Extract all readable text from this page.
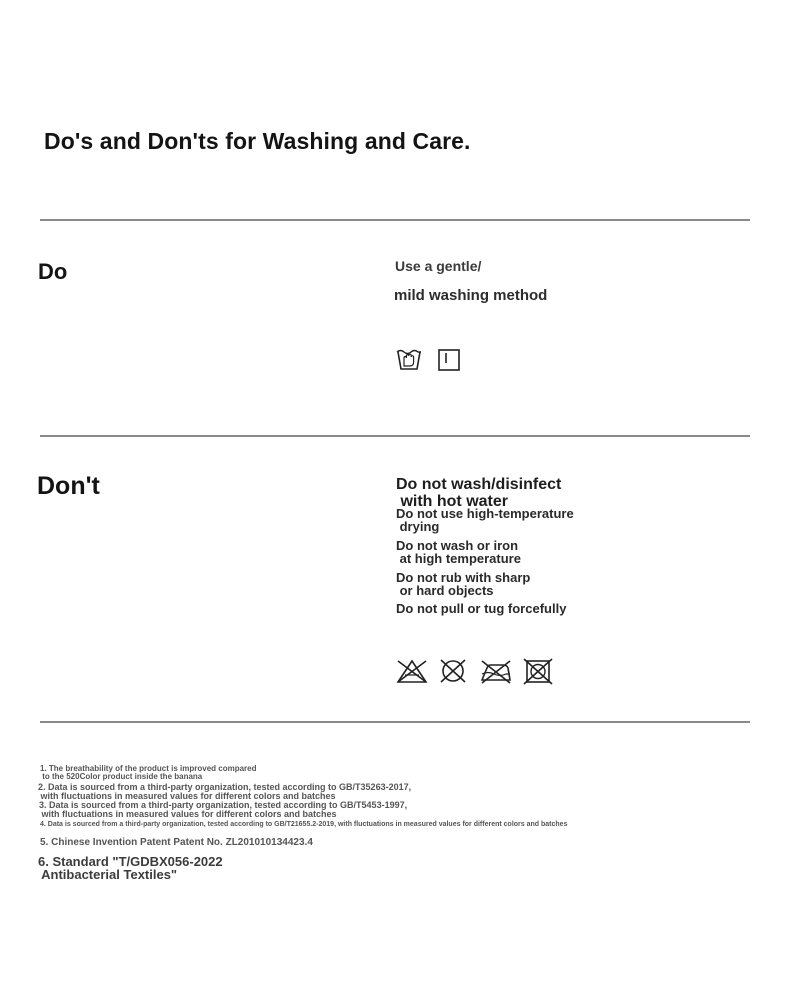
Do's and Don'ts for Washing and Care.
Do	Use a gentle/
mild washing method
Don't	Do not wash/disinfect
with hot water
Do not use high-temperature
drying
Do not wash or iron
at high temperature
Do not rub with sharp
or hard objects
Do not pull or tug forcefully
1. The breathability of the product is improved compared
to the 520Color product inside the banana
2. Data is sourced from a third-party organization, tested according to GB/T35263-2017,
with fluctuations in measured values for different colors and batches
3. Data is sourced from a third-party organization, tested according to GB/T5453-1997,
with fluctuations in measured values for different colors and batches
4. Data is sourced from a third-party organization, tested according to GB/T21655.2-2019, with fluctuations in measured values for different colors and batches
5. Chinese Invention Patent Patent No. ZL201010134423.4
6. Standard "T/GDBX056-2022
Antibacterial Textiles"
